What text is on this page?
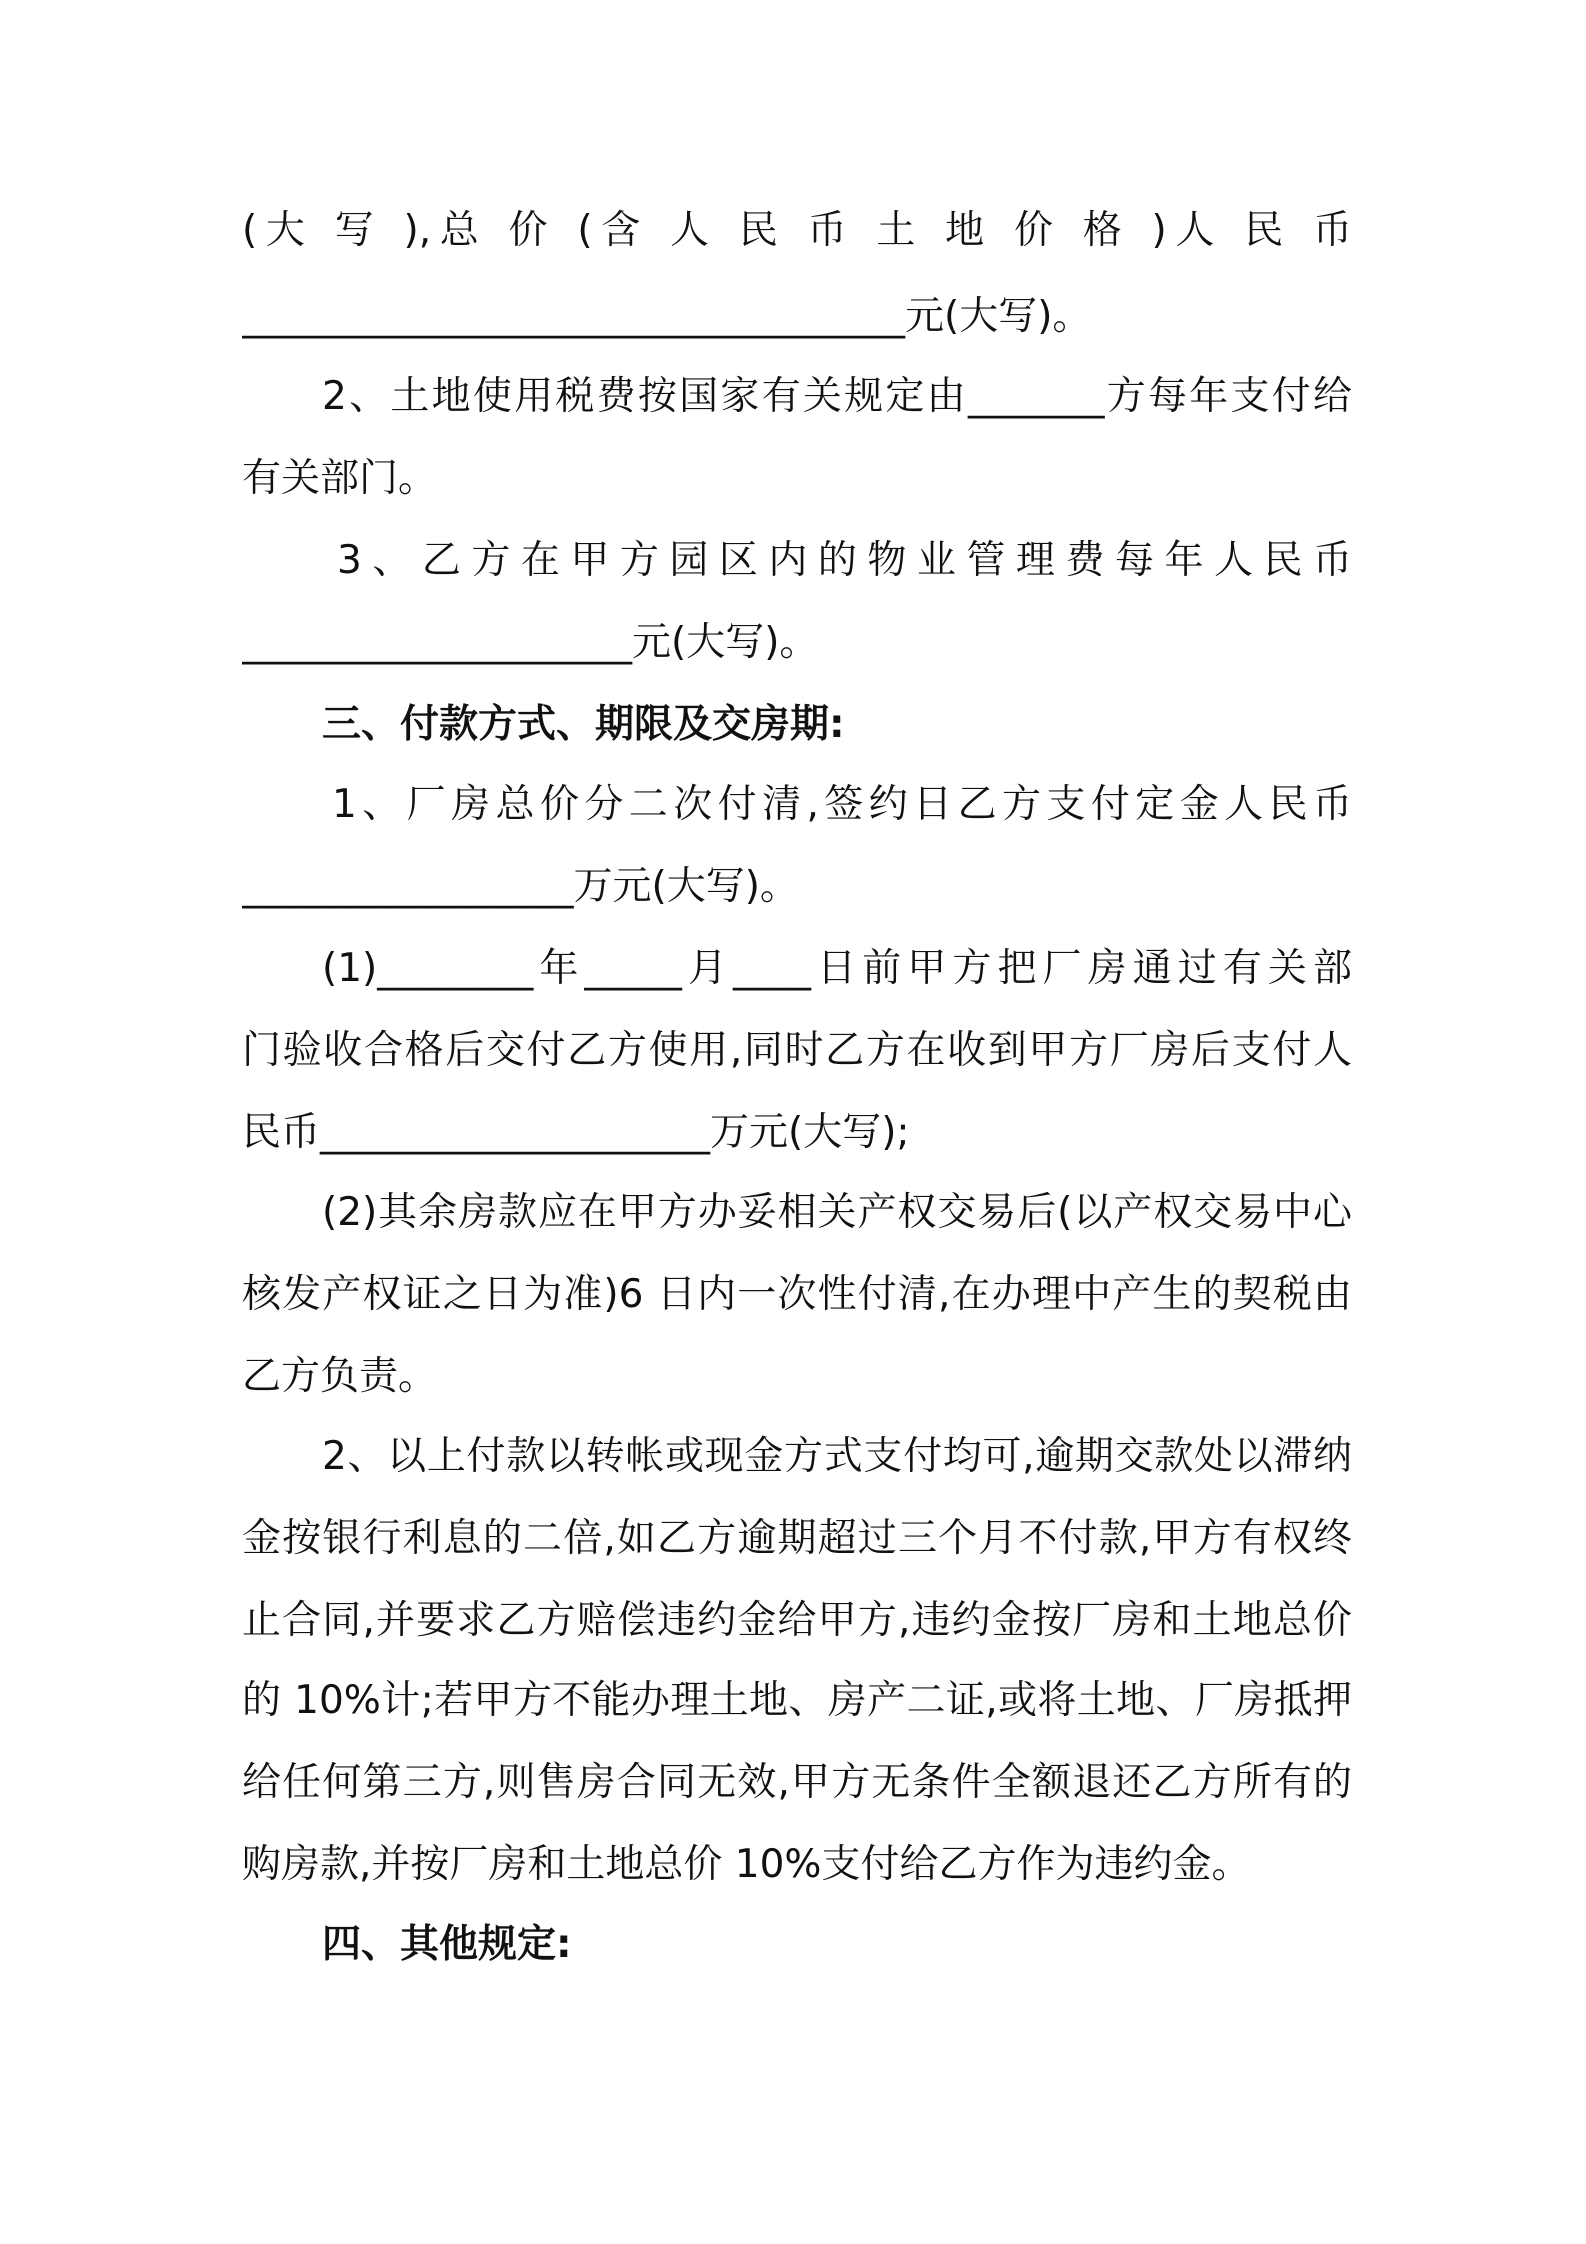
(大 写 ),总 价 (含 人 民 币 土 地 价 格 )人 民 币
__________________________________元(大写)。
2、土地使用税费按国家有关规定由_______方每年支付给
有关部门。
3、乙方在甲方园区内的物业管理费每年人民币
____________________元(大写)。
三、付款方式、期限及交房期:
1、厂房总价分二次付清,签约日乙方支付定金人民币
_________________万元(大写)。
(1)________年_____月____日前甲方把厂房通过有关部
门验收合格后交付乙方使用,同时乙方在收到甲方厂房后支付人
民币____________________万元(大写);
(2)其余房款应在甲方办妥相关产权交易后(以产权交易中心
核发产权证之日为准)6 日内一次性付清,在办理中产生的契税由
乙方负责。
2、以上付款以转帐或现金方式支付均可,逾期交款处以滞纳
金按银行利息的二倍,如乙方逾期超过三个月不付款,甲方有权终
止合同,并要求乙方赔偿违约金给甲方,违约金按厂房和土地总价
的 10%计;若甲方不能办理土地、房产二证,或将土地、厂房抵押
给任何第三方,则售房合同无效,甲方无条件全额退还乙方所有的
购房款,并按厂房和土地总价 10%支付给乙方作为违约金。
四、其他规定:
